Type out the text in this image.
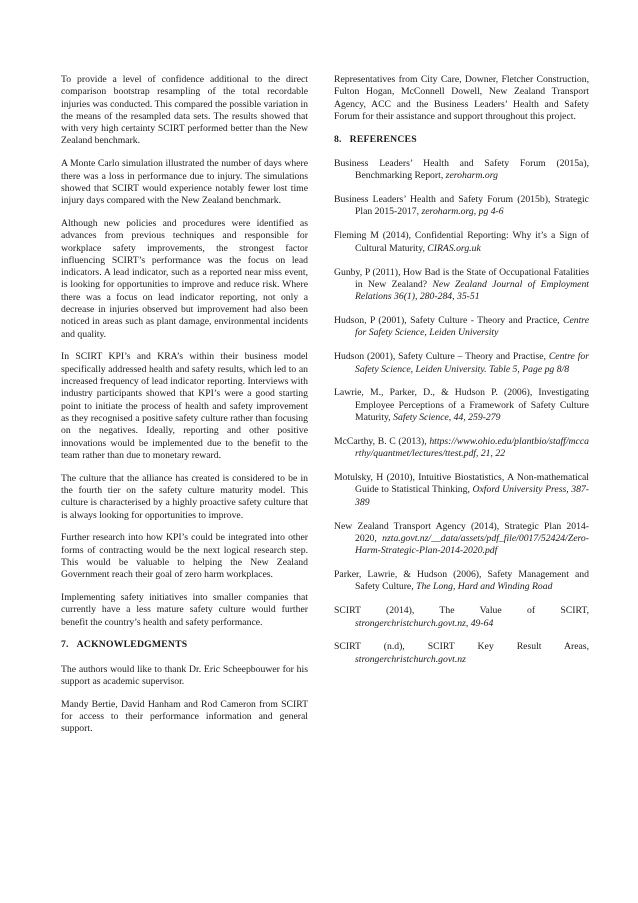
To provide a level of confidence additional to the direct comparison bootstrap resampling of the total recordable injuries was conducted. This compared the possible variation in the means of the resampled data sets. The results showed that with very high certainty SCIRT performed better than the New Zealand benchmark.

A Monte Carlo simulation illustrated the number of days where there was a loss in performance due to injury. The simulations showed that SCIRT would experience notably fewer lost time injury days compared with the New Zealand benchmark.

Although new policies and procedures were identified as advances from previous techniques and responsible for workplace safety improvements, the strongest factor influencing SCIRT’s performance was the focus on lead indicators. A lead indicator, such as a reported near miss event, is looking for opportunities to improve and reduce risk. Where there was a focus on lead indicator reporting, not only a decrease in injuries observed but improvement had also been noticed in areas such as plant damage, environmental incidents and quality.

In SCIRT KPI’s and KRA’s within their business model specifically addressed health and safety results, which led to an increased frequency of lead indicator reporting. Interviews with industry participants showed that KPI’s were a good starting point to initiate the process of health and safety improvement as they recognised a positive safety culture rather than focusing on the negatives. Ideally, reporting and other positive innovations would be implemented due to the benefit to the team rather than due to monetary reward.

The culture that the alliance has created is considered to be in the fourth tier on the safety culture maturity model. This culture is characterised by a highly proactive safety culture that is always looking for opportunities to improve.

Further research into how KPI’s could be integrated into other forms of contracting would be the next logical research step. This would be valuable to helping the New Zealand Government reach their goal of zero harm workplaces.

Implementing safety initiatives into smaller companies that currently have a less mature safety culture would further benefit the country’s health and safety performance.

7. ACKNOWLEDGMENTS

The authors would like to thank Dr. Eric Scheepbouwer for his support as academic supervisor.

Mandy Bertie, David Hanham and Rod Cameron from SCIRT for access to their performance information and general support.

Representatives from City Care, Downer, Fletcher Construction, Fulton Hogan, McConnell Dowell, New Zealand Transport Agency, ACC and the Business Leaders’ Health and Safety Forum for their assistance and support throughout this project.

8. REFERENCES

Business Leaders’ Health and Safety Forum (2015a), Benchmarking Report, zeroharm.org

Business Leaders’ Health and Safety Forum (2015b), Strategic Plan 2015-2017, zeroharm.org, pg 4-6

Fleming M (2014), Confidential Reporting: Why it’s a Sign of Cultural Maturity, CIRAS.org.uk

Gunby, P (2011), How Bad is the State of Occupational Fatalities in New Zealand? New Zealand Journal of Employment Relations 36(1), 280-284, 35-51

Hudson, P (2001), Safety Culture - Theory and Practice, Centre for Safety Science, Leiden University

Hudson (2001), Safety Culture – Theory and Practise, Centre for Safety Science, Leiden University. Table 5, Page pg 8/8

Lawrie, M., Parker, D., & Hudson P. (2006), Investigating Employee Perceptions of a Framework of Safety Culture Maturity, Safety Science, 44, 259-279

McCarthy, B. C (2013), https://www.ohio.edu/plantbio/staff/mccarthy/quantmet/lectures/ttest.pdf, 21, 22

Motulsky, H (2010), Intuitive Biostatistics, A Non-mathematical Guide to Statistical Thinking, Oxford University Press, 387-389

New Zealand Transport Agency (2014), Strategic Plan 2014-2020, nzta.govt.nz/__data/assets/pdf_file/0017/52424/Zero-Harm-Strategic-Plan-2014-2020.pdf

Parker, Lawrie, & Hudson (2006), Safety Management and Safety Culture, The Long, Hard and Winding Road

SCIRT (2014), The Value of SCIRT, strongerchristchurch.govt.nz, 49-64

SCIRT (n.d), SCIRT Key Result Areas, strongerchristchurch.govt.nz
